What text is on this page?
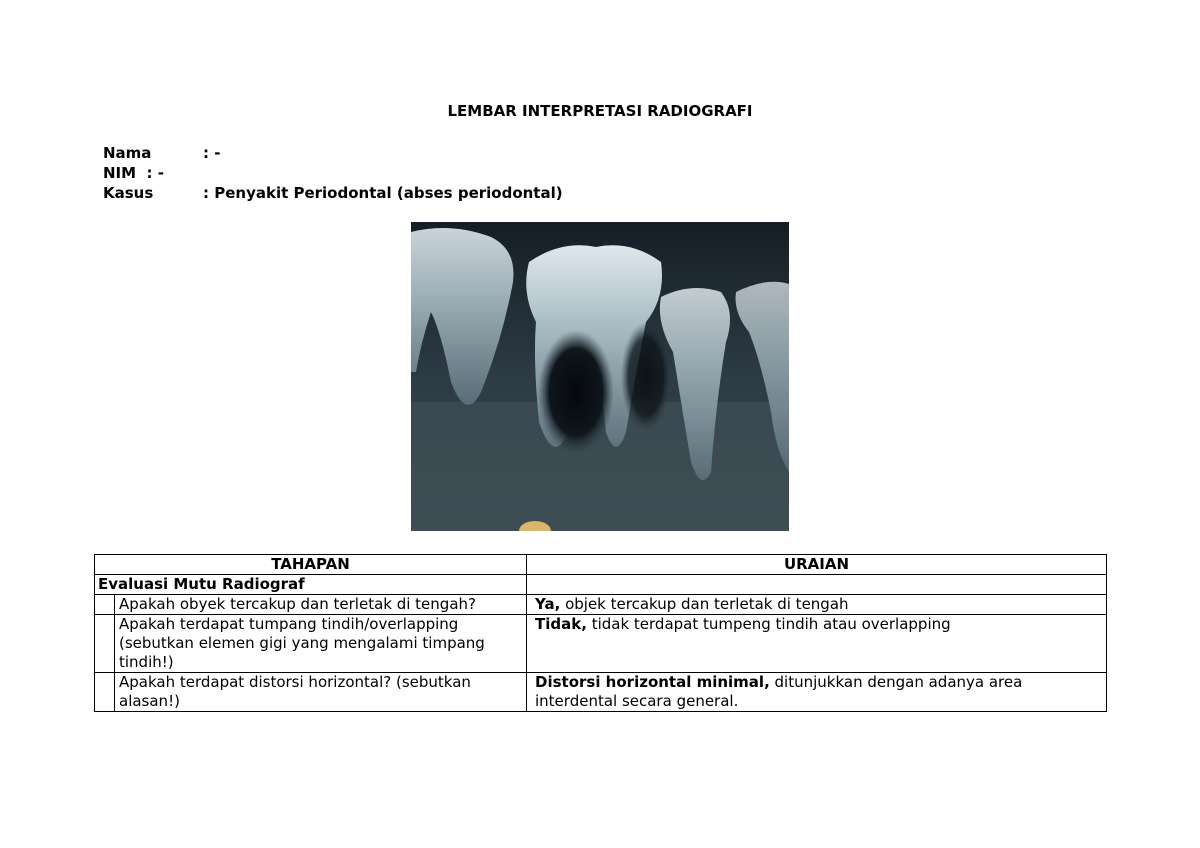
LEMBAR INTERPRETASI RADIOGRAFI
Nama	: -
NIM : -
Kasus	: Penyakit Periodontal (abses periodontal)
TAHAPAN		URAIAN
Evaluasi Mutu Radiograf		
	Apakah obyek tercakup dan terletak di tengah?	Ya, objek tercakup dan terletak di tengah
	Apakah terdapat tumpang tindih/overlapping (sebutkan elemen gigi yang mengalami timpang tindih!)	Tidak, tidak terdapat tumpeng tindih atau overlapping
	Apakah terdapat distorsi horizontal? (sebutkan alasan!)	Distorsi horizontal minimal, ditunjukkan dengan adanya area interdental secara general.
